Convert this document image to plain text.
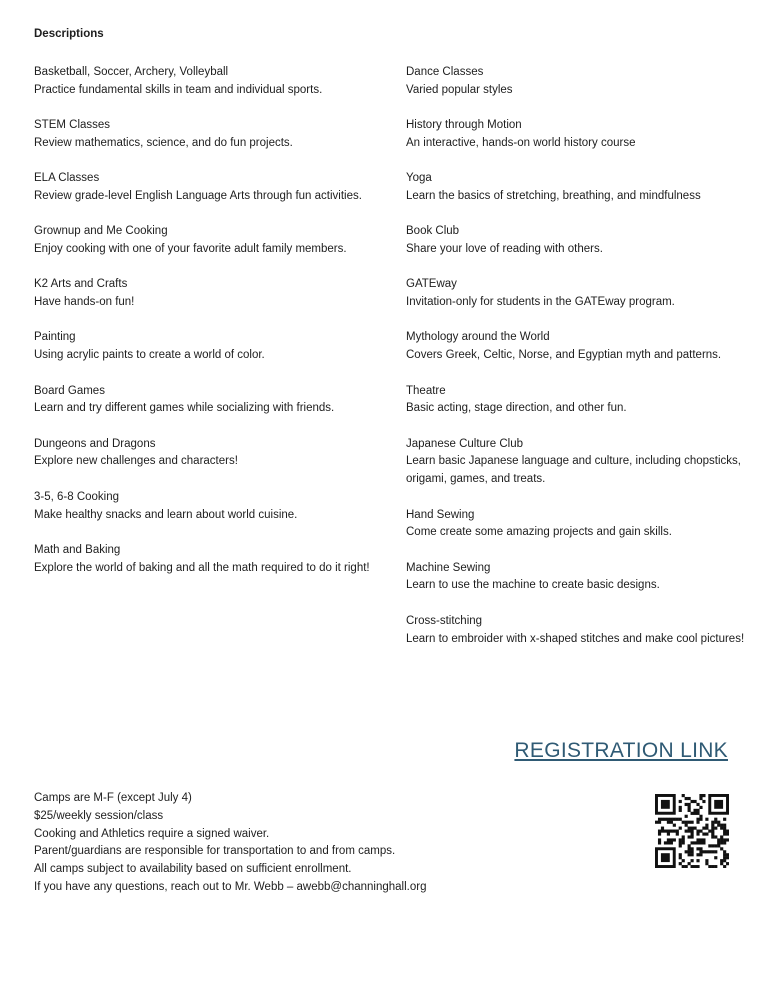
Descriptions
Basketball, Soccer, Archery, Volleyball
Practice fundamental skills in team and individual sports.
STEM Classes
Review mathematics, science, and do fun projects.
ELA Classes
Review grade-level English Language Arts through fun activities.
Grownup and Me Cooking
Enjoy cooking with one of your favorite adult family members.
K2 Arts and Crafts
Have hands-on fun!
Painting
Using acrylic paints to create a world of color.
Board Games
Learn and try different games while socializing with friends.
Dungeons and Dragons
Explore new challenges and characters!
3-5, 6-8 Cooking
Make healthy snacks and learn about world cuisine.
Math and Baking
Explore the world of baking and all the math required to do it right!
Dance Classes
Varied popular styles
History through Motion
An interactive, hands-on world history course
Yoga
Learn the basics of stretching, breathing, and mindfulness
Book Club
Share your love of reading with others.
GATEway
Invitation-only for students in the GATEway program.
Mythology around the World
Covers Greek, Celtic, Norse, and Egyptian myth and patterns.
Theatre
Basic acting, stage direction, and other fun.
Japanese Culture Club
Learn basic Japanese language and culture, including chopsticks, origami, games, and treats.
Hand Sewing
Come create some amazing projects and gain skills.
Machine Sewing
Learn to use the machine to create basic designs.
Cross-stitching
Learn to embroider with x-shaped stitches and make cool pictures!
REGISTRATION LINK
Camps are M-F (except July 4)
$25/weekly session/class
Cooking and Athletics require a signed waiver.
Parent/guardians are responsible for transportation to and from camps.
All camps subject to availability based on sufficient enrollment.
If you have any questions, reach out to Mr. Webb – awebb@channinghall.org
